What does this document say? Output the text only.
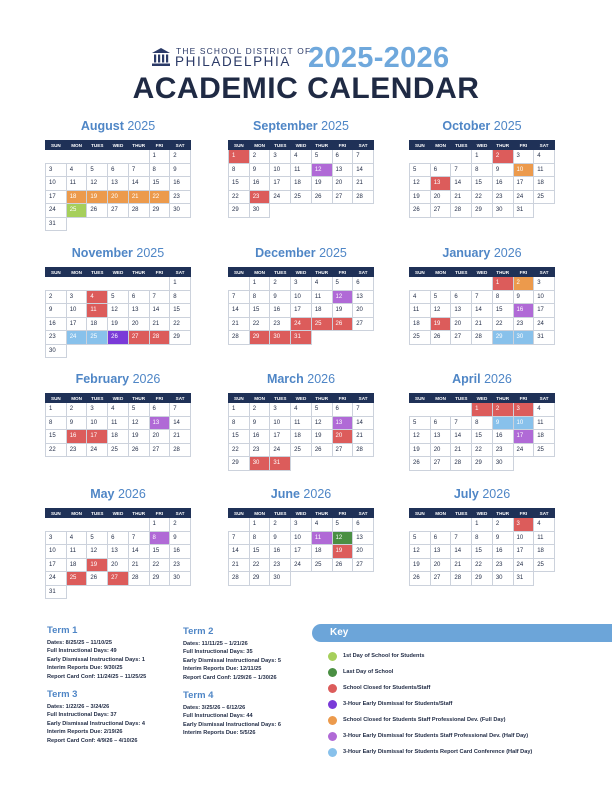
THE SCHOOL DISTRICT OF
PHILADELPHIA 2025-2026
ACADEMIC CALENDAR
August 2025
SUN	MON	TUES	WED	THUR	FRI	SAT
					1	2
3	4	5	6	7	8	9
10	11	12	13	14	15	16
17	18	19	20	21	22	23
24	25	26	27	28	29	30
31						
September 2025
SUN	MON	TUES	WED	THUR	FRI	SAT
1	2	3	4	5	6	7
8	9	10	11	12	13	14
15	16	17	18	19	20	21
22	23	24	25	26	27	28
29	30					
October 2025
SUN	MON	TUES	WED	THUR	FRI	SAT
			1	2	3	4
5	6	7	8	9	10	11
12	13	14	15	16	17	18
19	20	21	22	23	24	25
26	27	28	29	30	31	
November 2025
SUN	MON	TUES	WED	THUR	FRI	SAT
						1
2	3	4	5	6	7	8
9	10	11	12	13	14	15
16	17	18	19	20	21	22
23	24	25	26	27	28	29
30						
December 2025
SUN	MON	TUES	WED	THUR	FRI	SAT
	1	2	3	4	5	6
7	8	9	10	11	12	13
14	15	16	17	18	19	20
21	22	23	24	25	26	27
28	29	30	31			
January 2026
SUN	MON	TUES	WED	THUR	FRI	SAT
				1	2	3
4	5	6	7	8	9	10
11	12	13	14	15	16	17
18	19	20	21	22	23	24
25	26	27	28	29	30	31
February 2026
SUN	MON	TUES	WED	THUR	FRI	SAT
1	2	3	4	5	6	7
8	9	10	11	12	13	14
15	16	17	18	19	20	21
22	23	24	25	26	27	28
March 2026
SUN	MON	TUES	WED	THUR	FRI	SAT
1	2	3	4	5	6	7
8	9	10	11	12	13	14
15	16	17	18	19	20	21
22	23	24	25	26	27	28
29	30	31				
April 2026
SUN	MON	TUES	WED	THUR	FRI	SAT
			1	2	3	4
5	6	7	8	9	10	11
12	13	14	15	16	17	18
19	20	21	22	23	24	25
26	27	28	29	30		
May 2026
SUN	MON	TUES	WED	THUR	FRI	SAT
					1	2
3	4	5	6	7	8	9
10	11	12	13	14	15	16
17	18	19	20	21	22	23
24	25	26	27	28	29	30
31						
June 2026
SUN	MON	TUES	WED	THUR	FRI	SAT
	1	2	3	4	5	6
7	8	9	10	11	12	13
14	15	16	17	18	19	20
21	22	23	24	25	26	27
28	29	30				
July 2026
SUN	MON	TUES	WED	THUR	FRI	SAT
			1	2	3	4
5	6	7	8	9	10	11
12	13	14	15	16	17	18
19	20	21	22	23	24	25
26	27	28	29	30	31	
Term 1
Dates: 8/25/25 – 11/10/25
Full Instructional Days: 49
Early Dismissal Instructional Days: 1
Interim Reports Due: 9/30/25
Report Card Conf: 11/24/25 – 11/25/25
Term 2
Dates: 11/11/25 – 1/21/26
Full Instructional Days: 35
Early Dismissal Instructional Days: 5
Interim Reports Due: 12/11/25
Report Card Conf: 1/29/26 – 1/30/26
Term 3
Dates: 1/22/26 – 3/24/26
Full Instructional Days: 37
Early Dismissal Instructional Days: 4
Interim Reports Due: 2/19/26
Report Card Conf: 4/9/26 – 4/10/26
Term 4
Dates: 3/25/26 – 6/12/26
Full Instructional Days: 44
Early Dismissal Instructional Days: 6
Interim Reports Due: 5/5/26
Key
1st Day of School for Students
Last Day of School
School Closed for Students/Staff
3-Hour Early Dismissal for Students/Staff
School Closed for Students Staff Professional Dev. (Full Day)
3-Hour Early Dismissal for Students Staff Professional Dev. (Half Day)
3-Hour Early Dismissal for Students Report Card Conference (Half Day)
